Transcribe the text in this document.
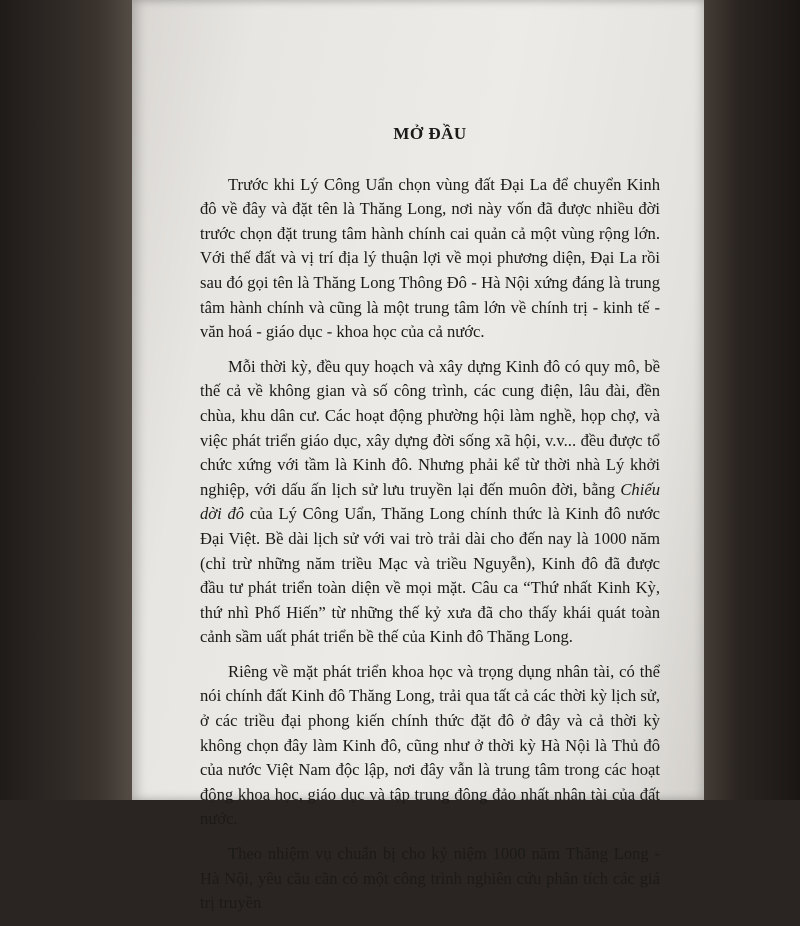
MỞ ĐẦU

Trước khi Lý Công Uẩn chọn vùng đất Đại La để chuyển Kinh đô về đây và đặt tên là Thăng Long, nơi này vốn đã được nhiều đời trước chọn đặt trung tâm hành chính cai quản cả một vùng rộng lớn. Với thế đất và vị trí địa lý thuận lợi về mọi phương diện, Đại La rồi sau đó gọi tên là Thăng Long Thông Đô - Hà Nội xứng đáng là trung tâm hành chính và cũng là một trung tâm lớn về chính trị - kinh tế - văn hoá - giáo dục - khoa học của cả nước.

Mỗi thời kỳ, đều quy hoạch và xây dựng Kinh đô có quy mô, bề thế cả về không gian và số công trình, các cung điện, lâu đài, đền chùa, khu dân cư. Các hoạt động phường hội làm nghề, họp chợ, và việc phát triển giáo dục, xây dựng đời sống xã hội, v.v... đều được tổ chức xứng với tầm là Kinh đô. Nhưng phải kể từ thời nhà Lý khởi nghiệp, với dấu ấn lịch sử lưu truyền lại đến muôn đời, bằng Chiếu dời đô của Lý Công Uẩn, Thăng Long chính thức là Kinh đô nước Đại Việt. Bề dài lịch sử với vai trò trải dài cho đến nay là 1000 năm (chỉ trừ những năm triều Mạc và triều Nguyễn), Kinh đô đã được đầu tư phát triển toàn diện về mọi mặt. Câu ca “Thứ nhất Kinh Kỳ, thứ nhì Phố Hiến” từ những thế kỷ xưa đã cho thấy khái quát toàn cảnh sầm uất phát triển bề thế của Kinh đô Thăng Long.

Riêng về mặt phát triển khoa học và trọng dụng nhân tài, có thể nói chính đất Kinh đô Thăng Long, trải qua tất cả các thời kỳ lịch sử, ở các triều đại phong kiến chính thức đặt đô ở đây và cả thời kỳ không chọn đây làm Kinh đô, cũng như ở thời kỳ Hà Nội là Thủ đô của nước Việt Nam độc lập, nơi đây vẫn là trung tâm trong các hoạt động khoa học, giáo dục và tập trung đông đảo nhất nhân tài của đất nước.

Theo nhiệm vụ chuẩn bị cho kỷ niệm 1000 năm Thăng Long - Hà Nội, yêu cầu cần có một công trình nghiên cứu phân tích các giá trị truyền
